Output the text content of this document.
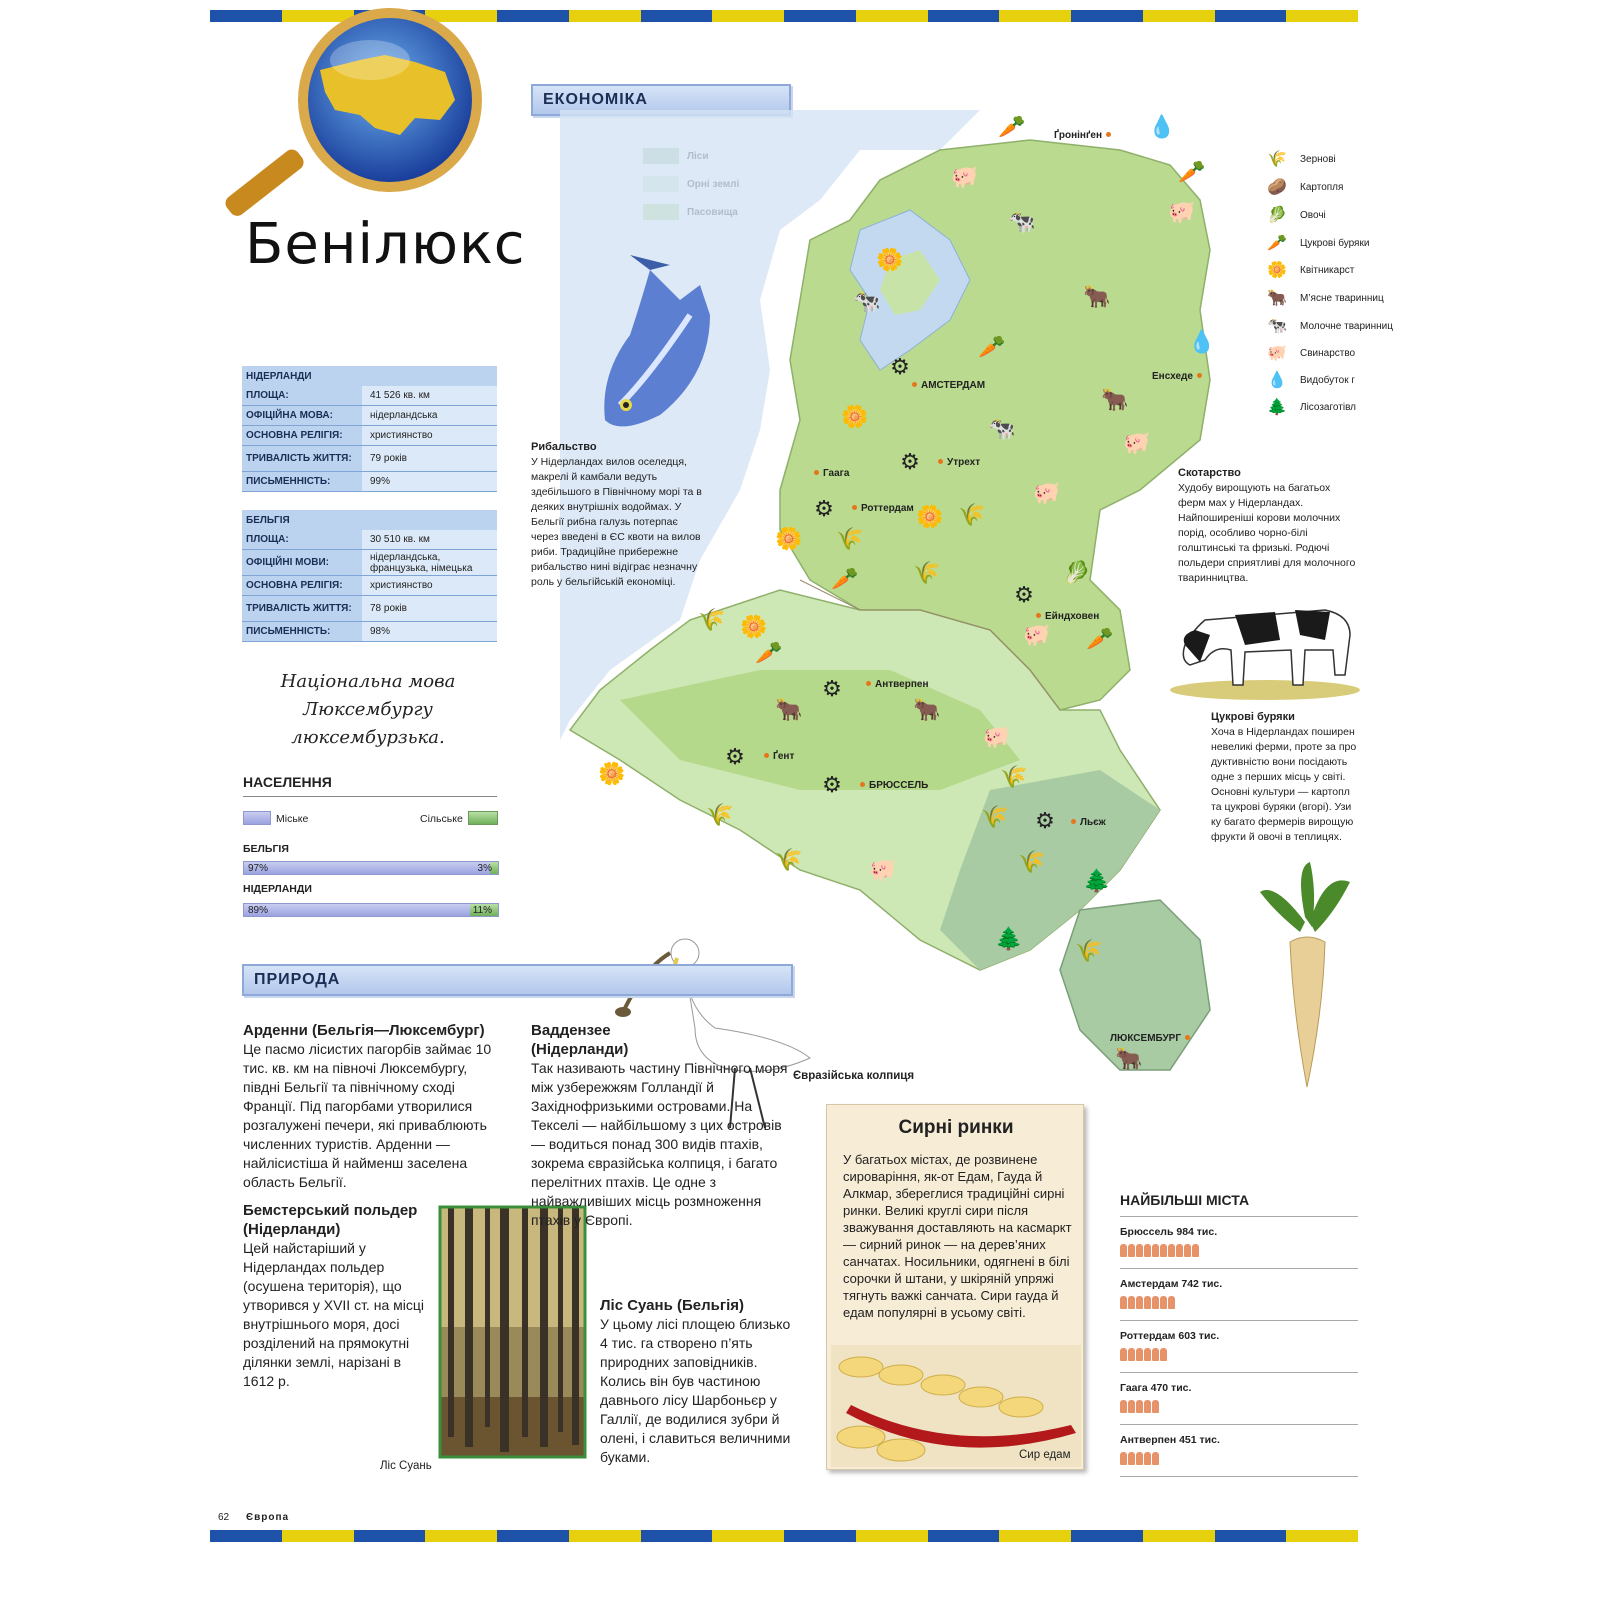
Бенілюкс
НІДЕРЛАНДИ
ПЛОЩА:	41 526 кв. км
ОФІЦІЙНА МОВА:	нідерландська
ОСНОВНА РЕЛІГІЯ:	християнство
ТРИВАЛІСТЬ ЖИТТЯ:	79 років
ПИСЬМЕННІСТЬ:	99%
БЕЛЬГІЯ
ПЛОЩА:	30 510 кв. км
ОФІЦІЙНІ МОВИ:	нідерландська, французька, німецька
ОСНОВНА РЕЛІГІЯ:	християнство
ТРИВАЛІСТЬ ЖИТТЯ:	78 років
ПИСЬМЕННІСТЬ:	98%
Національна мова Люксембургу люксембурзька.
НАСЕЛЕННЯ
Міське	Сільське
БЕЛЬГІЯ
97%	3%
НІДЕРЛАНДИ
89%	11%
ЕКОНОМІКА
🥕	💧
🐖	🥕
🐄	🐖
🌼
🐄	🐂
🥕	💧
⚙
🐂
🌼	🐄
🐖
⚙
🐖
⚙	🌼 🌾
🌼 🌾
🥕 🌾	🥬
⚙
🌾 🌼	🐖 🥕
🥕
⚙
🐂	🐂
🐖
⚙
🌼	🌾
⚙
🌾	🌾	⚙
🌾	🌾
🐖	🌲
🌲 🌾
🐂
Ґронінґен
АМСТЕРДАМ
Енсхеде
Гаага
Утрехт
Роттердам
Ейндховен
Антверпен
Ґент
БРЮССЕЛЬ
Льєж
ЛЮКСЕМБУРГ
Рибальство
У Нідерландах вилов оселедця, макрелі й камбали ведуть здебільшого в Північному морі та в деяких внутрішніх водоймах. У Бельгії рибна галузь потерпає через введені в ЄС квоти на вилов риби. Традиційне прибережне рибальство нині відіграє незначну роль у бельгійській економіці.
🌾	Зернові
🥔	Картопля
🥬	Овочі
🥕	Цукрові буряки
🌼	Квітникарст
🐂	М’ясне тваринниц
🐄	Молочне тваринниц
🐖	Свинарство
💧	Видобуток г
🌲	Лісозаготівл
Скотарство
Худобу вирощують на багатьох ферм мах у Нідерландах. Найпоширеніші корови молочних порід, особливо чорно-білі голштинські та фризькі. Родючі польдери сприятливі для молочного тваринництва.
Цукрові буряки
Хоча в Нідерландах поширен невеликі ферми, проте за про дуктивністю вони посідають одне з перших місць у світі. Основні культури — картопл та цукрові буряки (вгорі). Узи ку багато фермерів вирощую фрукти й овочі в теплицях.
Євразійська колпиця
ПРИРОДА
Арденни (Бельгія—Люксембург)
Це пасмо лісистих пагорбів займає 10 тис. кв. км на півночі Люксембургу, півдні Бельгії та північному сході Франції. Під пагорбами утворилися розгалужені печери, які приваблюють численних туристів. Арденни — найлісистіша й найменш заселена область Бельгії.
Бемстерський польдер (Нідерланди)
Цей найстаріший у Нідерландах польдер (осушена територія), що утворився у XVII ст. на місці внутрішнього моря, досі розділений на прямокутні ділянки землі, нарізані в 1612 р.
Ліс Суань
Ваддензее (Нідерланди)
Так називають частину Північного моря між узбережжям Голландії й Західнофризькими островами. На Текселі — найбільшому з цих островів — водиться понад 300 видів птахів, зокрема євразійська колпиця, і багато перелітних птахів. Це одне з найважливіших місць розмноження птахів у Європі.
Ліс Суань (Бельгія)
У цьому лісі площею близько 4 тис. га створено п’ять природних заповідників. Колись він був частиною давнього лісу Шарбоньєр у Галлії, де водилися зубри й олені, і славиться величними буками.
Сирні ринки
У багатьох містах, де розвинене сироваріння, як-от Едам, Гауда й Алкмар, збереглися традиційні сирні ринки. Великі круглі сири після зважування доставляють на касмаркт — сирний ринок — на дерев’яних санчатах. Носильники, одягнені в білі сорочки й штани, у шкіряній упряжі тягнуть важкі санчата. Сири гауда й едам популярні в усьому світі.
Сир едам
НАЙБІЛЬШІ МІСТА
Брюссель 984 тис.
Амстердам 742 тис.
Роттердам 603 тис.
Гаага 470 тис.
Антверпен 451 тис.
62 Європа
